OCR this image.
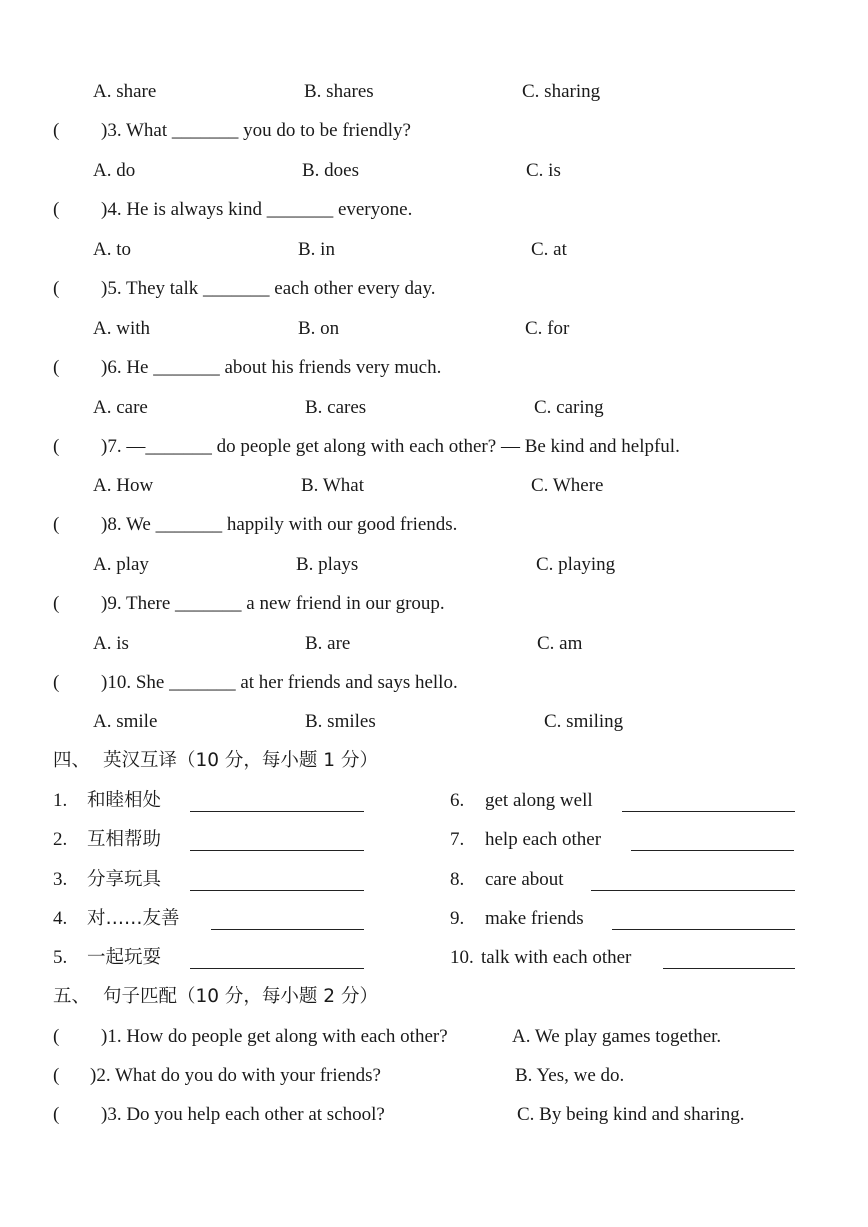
A. share	B. shares	C. sharing
( )3. What _______ you do to be friendly?
A. do	B. does	C. is
( )4. He is always kind _______ everyone.
A. to	B. in	C. at
( )5. They talk _______ each other every day.
A. with	B. on	C. for
( )6. He _______ about his friends very much.
A. care	B. cares	C. caring
( )7. —_______ do people get along with each other? — Be kind and helpful.
A. How	B. What	C. Where
( )8. We _______ happily with our good friends.
A. play	B. plays	C. playing
( )9. There _______ a new friend in our group.
A. is	B. are	C. am
( )10. She _______ at her friends and says hello.
A. smile	B. smiles	C. smiling
四、 英汉互译（10 分，每小题 1 分）
1. 和睦相处	6. get along well
2. 互相帮助	7. help each other
3. 分享玩具	8. care about
4. 对……友善	9. make friends
5. 一起玩耍	10. talk with each other
五、 句子匹配（10 分，每小题 2 分）
( )1. How do people get along with each other?	A. We play games together.
( )2. What do you do with your friends?	B. Yes, we do.
( )3. Do you help each other at school?	C. By being kind and sharing.
